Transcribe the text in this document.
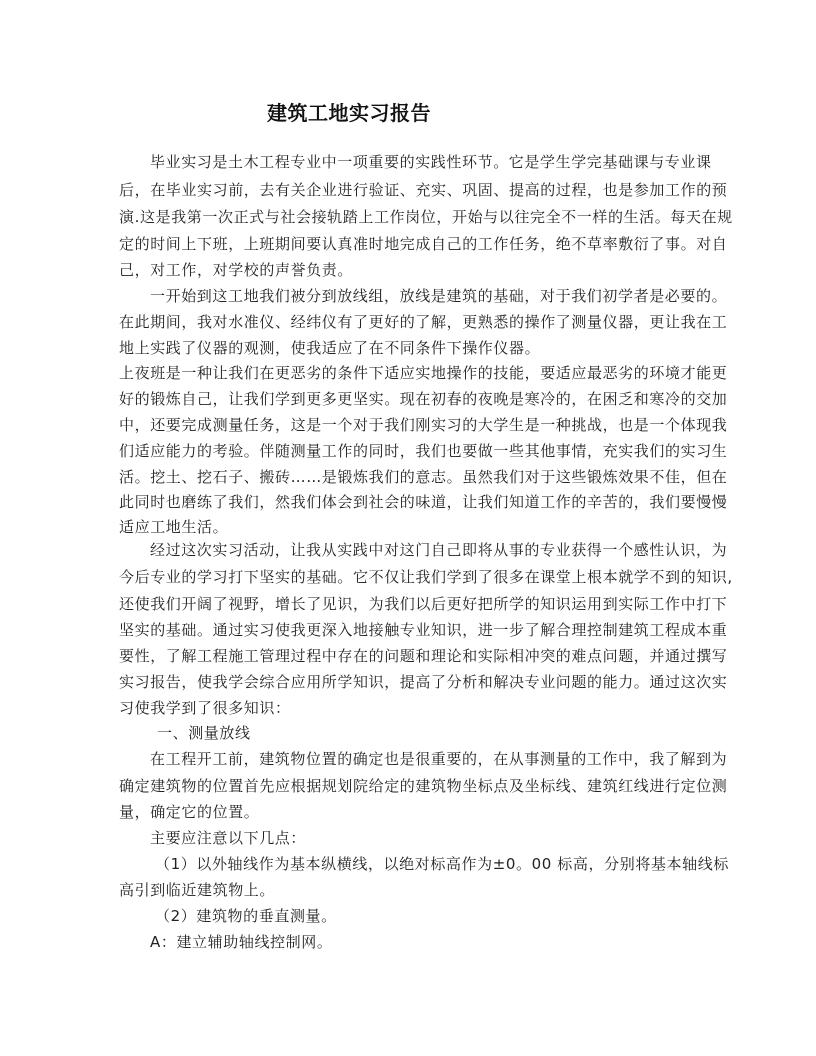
建筑工地实习报告
毕业实习是土木工程专业中一项重要的实践性环节。它是学生学完基础课与专业课
后，在毕业实习前，去有关企业进行验证、充实、巩固、提高的过程，也是参加工作的预
演.这是我第一次正式与社会接轨踏上工作岗位，开始与以往完全不一样的生活。每天在规
定的时间上下班，上班期间要认真准时地完成自己的工作任务，绝不草率敷衍了事。对自
己，对工作，对学校的声誉负责。
一开始到这工地我们被分到放线组，放线是建筑的基础，对于我们初学者是必要的。
在此期间，我对水准仪、经纬仪有了更好的了解，更熟悉的操作了测量仪器，更让我在工
地上实践了仪器的观测，使我适应了在不同条件下操作仪器。
上夜班是一种让我们在更恶劣的条件下适应实地操作的技能，要适应最恶劣的环境才能更
好的锻炼自己，让我们学到更多更坚实。现在初春的夜晚是寒冷的，在困乏和寒冷的交加
中，还要完成测量任务，这是一个对于我们刚实习的大学生是一种挑战，也是一个体现我
们适应能力的考验。伴随测量工作的同时，我们也要做一些其他事情，充实我们的实习生
活。挖土、挖石子、搬砖……是锻炼我们的意志。虽然我们对于这些锻炼效果不佳，但在
此同时也磨练了我们，然我们体会到社会的味道，让我们知道工作的辛苦的，我们要慢慢
适应工地生活。
经过这次实习活动，让我从实践中对这门自己即将从事的专业获得一个感性认识，为
今后专业的学习打下坚实的基础。它不仅让我们学到了很多在课堂上根本就学不到的知识,
还使我们开阔了视野，增长了见识，为我们以后更好把所学的知识运用到实际工作中打下
坚实的基础。通过实习使我更深入地接触专业知识，进一步了解合理控制建筑工程成本重
要性，了解工程施工管理过程中存在的问题和理论和实际相冲突的难点问题，并通过撰写
实习报告，使我学会综合应用所学知识，提高了分析和解决专业问题的能力。通过这次实
习使我学到了很多知识：
一、测量放线
在工程开工前，建筑物位置的确定也是很重要的，在从事测量的工作中，我了解到为
确定建筑物的位置首先应根据规划院给定的建筑物坐标点及坐标线、建筑红线进行定位测
量，确定它的位置。
主要应注意以下几点：
（1）以外轴线作为基本纵横线，以绝对标高作为±0。00 标高，分别将基本轴线标
高引到临近建筑物上。
（2）建筑物的垂直测量。
A：建立辅助轴线控制网。
